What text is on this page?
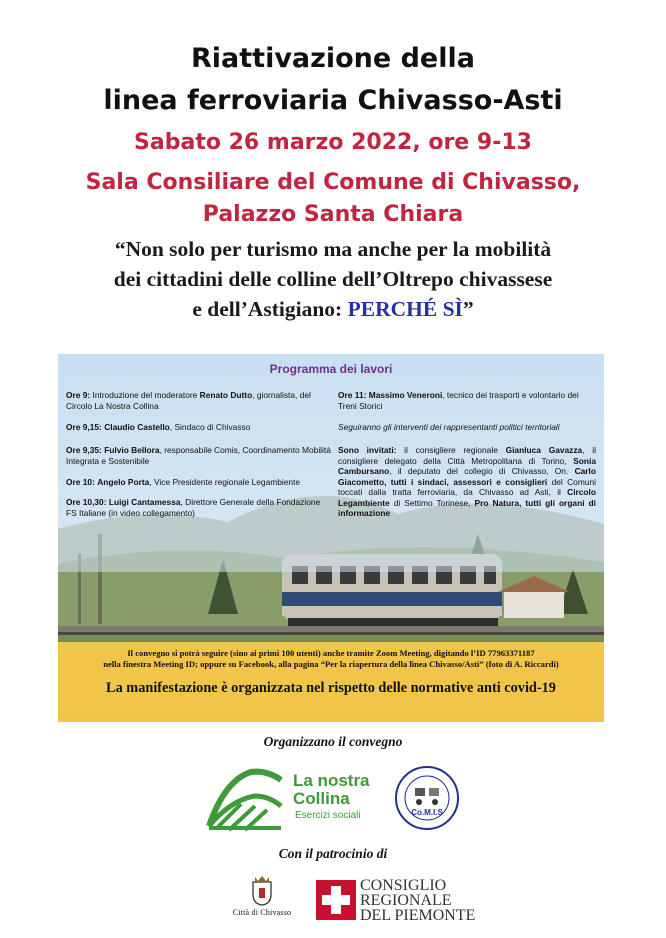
Riattivazione della
linea ferroviaria Chivasso-Asti
Sabato 26 marzo 2022, ore 9-13
Sala Consiliare del Comune di Chivasso,
Palazzo Santa Chiara
“Non solo per turismo ma anche per la mobilità
dei cittadini delle colline dell’Oltrepo chivassese
e dell’Astigiano: PERCHÉ SÌ”
Programma dei lavori
Ore 9: Introduzione del moderatore Renato Dutto, giornalista, del Circolo La Nostra Collina
Ore 9,15: Claudio Castello, Sindaco di Chivasso
Ore 9,35: Fulvio Bellora, responsabile Comis, Coordinamento Mobilità Integrata e Sostenibile
Ore 10: Angelo Porta, Vice Presidente regionale Legambiente
Ore 10,30: Luigi Cantamessa, Direttore Generale della Fondazione FS Italiane (in video collegamento)
Ore 11: Massimo Veneroni, tecnico dei trasporti e volontario dei Treni Storici
Seguiranno gli interventi dei rappresentanti politici territoriali
Sono invitati: il consigliere regionale Gianluca Gavazza, il consigliere delegato della Città Metropolitana di Torino, Sonia Cambursano, il deputato del collegio di Chivasso, On. Carlo Giacometto, tutti i sindaci, assessori e consiglieri del Comuni toccati dalla tratta ferroviaria, da Chivasso ad Asti, il Circolo Legambiente di Settimo Torinese, Pro Natura, tutti gli organi di informazione
Il convegno si potrà seguire (sino ai primi 100 utenti) anche tramite Zoom Meeting, digitando l’ID 77963371187
nella finestra Meeting ID; oppure su Facebook, alla pagina “Per la riapertura della linea Chivasso/Asti” (foto di A. Riccardi)
La manifestazione è organizzata nel rispetto delle normative anti covid-19
Organizzano il convegno
La nostra
Collina
Esercizi sociali	Co.M.I.S
Con il patrocinio di
Città di Chivasso
CONSIGLIO
REGIONALE
DEL PIEMONTE
